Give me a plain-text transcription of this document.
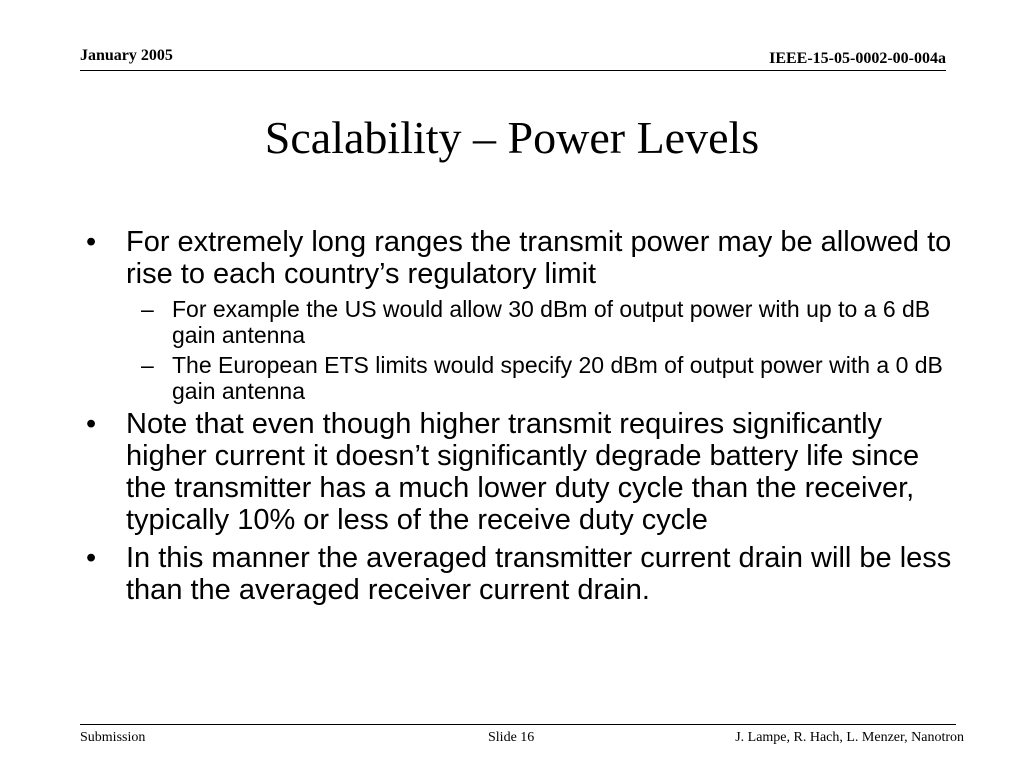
January 2005	IEEE-15-05-0002-00-004a
Scalability – Power Levels
• For extremely long ranges the transmit power may be allowed to rise to each country’s regulatory limit
– For example the US would allow 30 dBm of output power with up to a 6 dB gain antenna
– The European ETS limits would specify 20 dBm of output power with a 0 dB gain antenna
• Note that even though higher transmit requires significantly higher current it doesn’t significantly degrade battery life since the transmitter has a much lower duty cycle than the receiver, typically 10% or less of the receive duty cycle
• In this manner the averaged transmitter current drain will be less than the averaged receiver current drain.
Submission	Slide 16	J. Lampe, R. Hach, L. Menzer, Nanotron
